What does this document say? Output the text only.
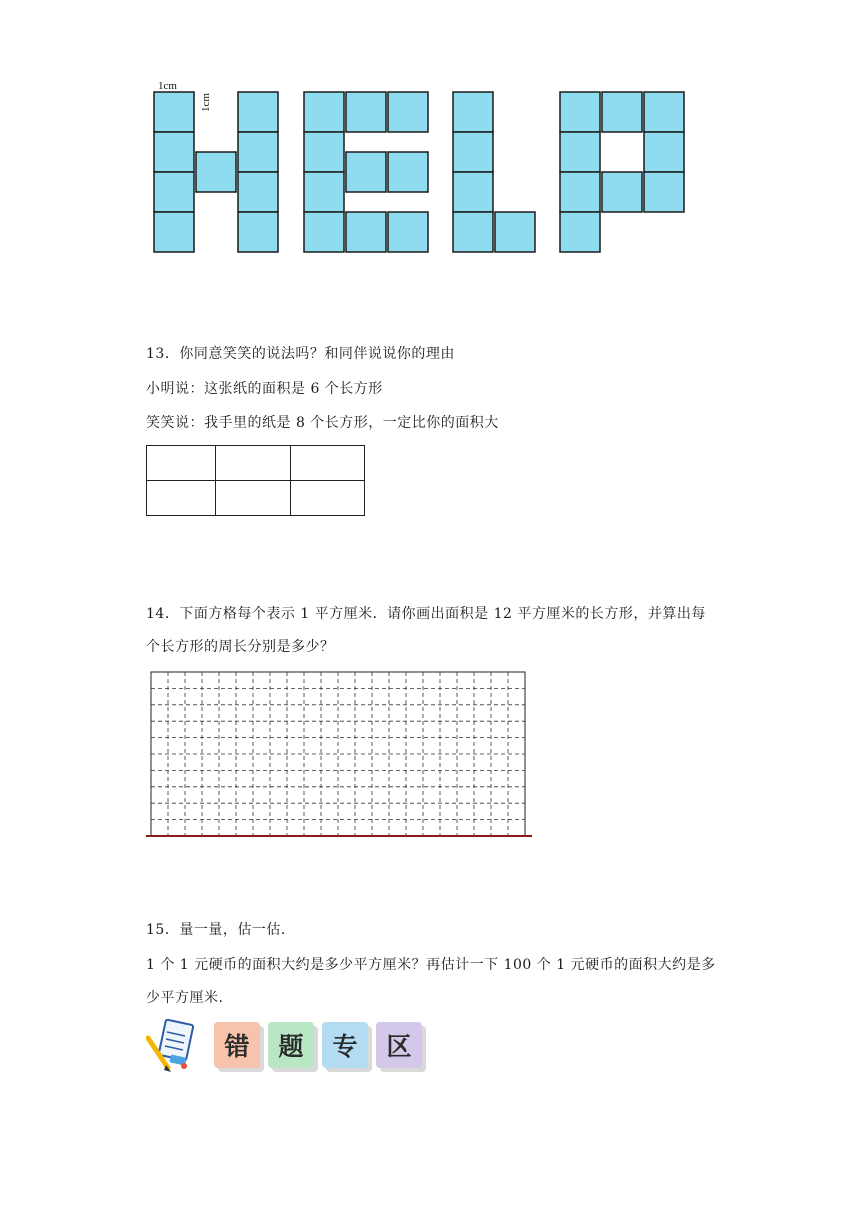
1cm
1cm
13．你同意笑笑的说法吗？和同伴说说你的理由
小明说：这张纸的面积是 6 个长方形
笑笑说：我手里的纸是 8 个长方形，一定比你的面积大

14．下面方格每个表示 1 平方厘米．请你画出面积是 12 平方厘米的长方形，并算出每
个长方形的周长分别是多少？
15．量一量，估一估．
1 个 1 元硬币的面积大约是多少平方厘米？再估计一下 100 个 1 元硬币的面积大约是多
少平方厘米.
错	题	专	区
